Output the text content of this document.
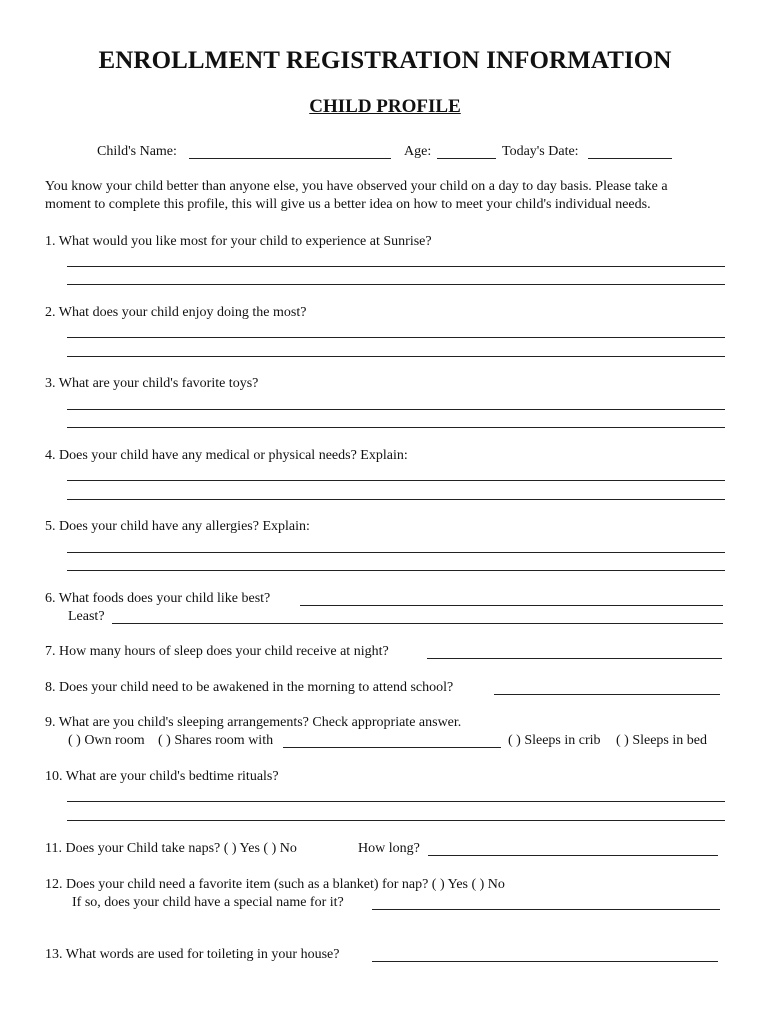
ENROLLMENT REGISTRATION INFORMATION
CHILD PROFILE
Child's Name:	Age:	Today's Date:
You know your child better than anyone else, you have observed your child on a day to day basis. Please take a
moment to complete this profile, this will give us a better idea on how to meet your child's individual needs.
1. What would you like most for your child to experience at Sunrise?
2. What does your child enjoy doing the most?
3. What are your child's favorite toys?
4. Does your child have any medical or physical needs? Explain:
5. Does your child have any allergies? Explain:
6. What foods does your child like best?
Least?
7. How many hours of sleep does your child receive at night?
8. Does your child need to be awakened in the morning to attend school?
9. What are you child's sleeping arrangements? Check appropriate answer.
( ) Own room ( ) Shares room with	( ) Sleeps in crib ( ) Sleeps in bed
10. What are your child's bedtime rituals?
11. Does your Child take naps? ( ) Yes ( ) No	How long?
12. Does your child need a favorite item (such as a blanket) for nap? ( ) Yes ( ) No
If so, does your child have a special name for it?
13. What words are used for toileting in your house?
